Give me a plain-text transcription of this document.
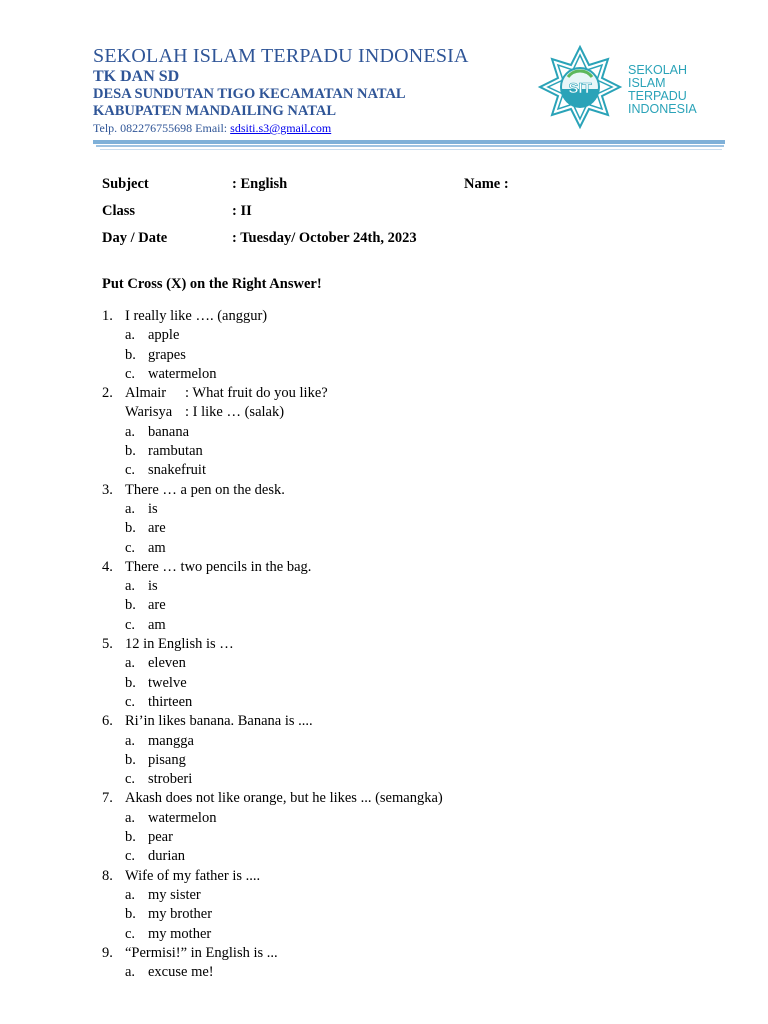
SEKOLAH ISLAM TERPADU INDONESIA
TK DAN SD
DESA SUNDUTAN TIGO KECAMATAN NATAL
KABUPATEN MANDAILING NATAL
Telp. 082276755698 Email: sdsiti.s3@gmail.com
SIT
SEKOLAH
ISLAM
TERPADU
INDONESIA
Subject	: English	Name :
Class	: II
Day / Date	: Tuesday/ October 24th, 2023
Put Cross (X) on the Right Answer!
1. I really like …. (anggur)
a. apple
b. grapes
c. watermelon
2. Almair : What fruit do you like?
Warisya : I like … (salak)
a. banana
b. rambutan
c. snakefruit
3. There … a pen on the desk.
a. is
b. are
c. am
4. There … two pencils in the bag.
a. is
b. are
c. am
5. 12 in English is …
a. eleven
b. twelve
c. thirteen
6. Ri’in likes banana. Banana is ....
a. mangga
b. pisang
c. stroberi
7. Akash does not like orange, but he likes ... (semangka)
a. watermelon
b. pear
c. durian
8. Wife of my father is ....
a. my sister
b. my brother
c. my mother
9. “Permisi!” in English is ...
a. excuse me!
